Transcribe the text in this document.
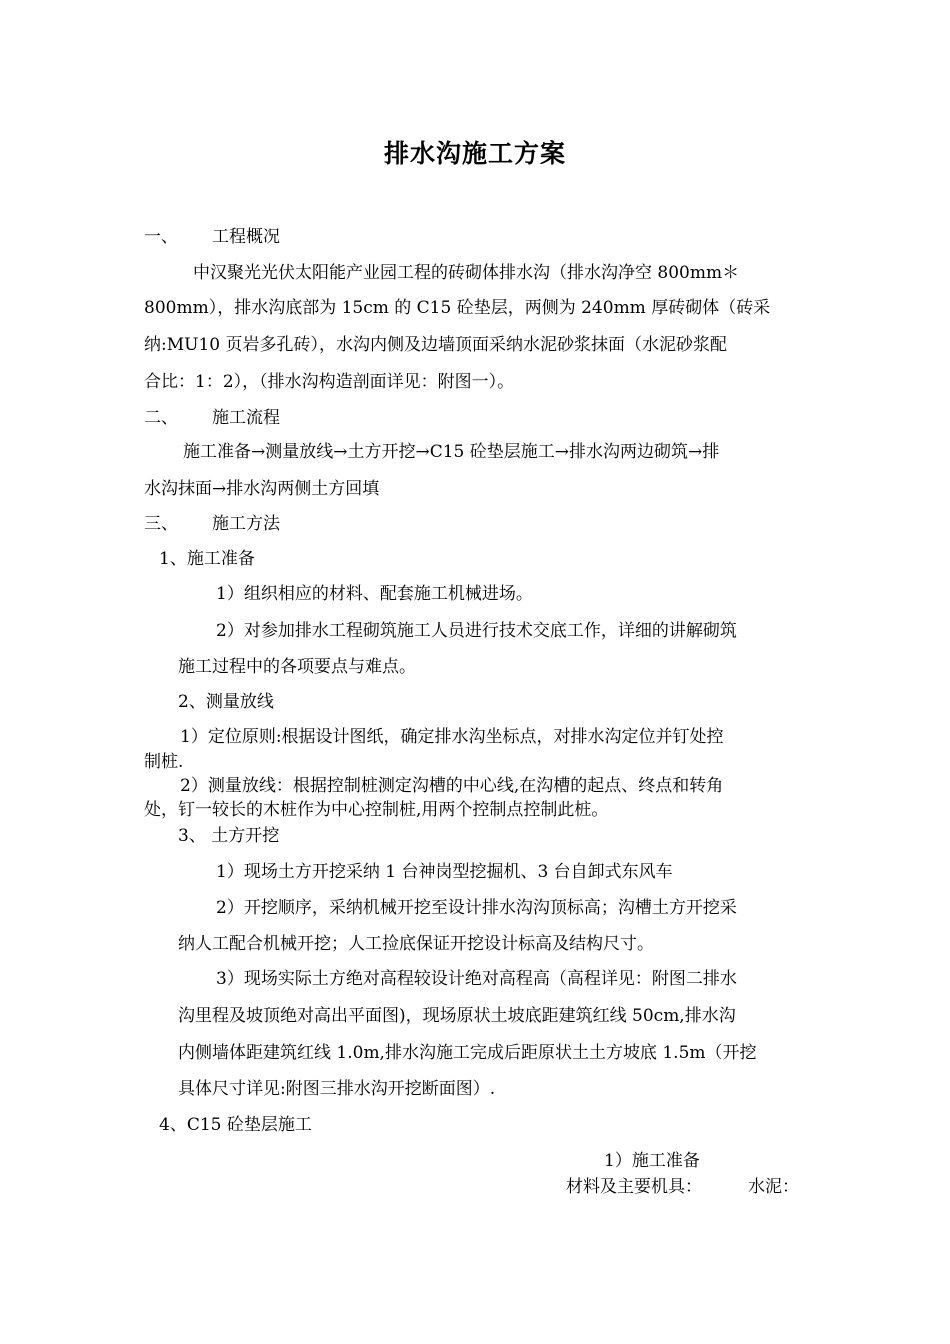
排水沟施工方案
一、 工程概况
中汉聚光光伏太阳能产业园工程的砖砌体排水沟（排水沟净空 800mm＊
800mm），排水沟底部为 15cm 的 C15 砼垫层，两侧为 240mm 厚砖砌体（砖采
纳:MU10 页岩多孔砖），水沟内侧及边墙顶面采纳水泥砂浆抹面（水泥砂浆配
合比：1：2），（排水沟构造剖面详见：附图一）。
二、 施工流程
施工准备→测量放线→土方开挖→C15 砼垫层施工→排水沟两边砌筑→排
水沟抹面→排水沟两侧土方回填
三、 施工方法
1、施工准备
1）组织相应的材料、配套施工机械进场。
2）对参加排水工程砌筑施工人员进行技术交底工作，详细的讲解砌筑
施工过程中的各项要点与难点。
2、测量放线
1）定位原则:根据设计图纸，确定排水沟坐标点，对排水沟定位并钉处控
制桩.
2）测量放线：根据控制桩测定沟槽的中心线,在沟槽的起点、终点和转角
处，钉一较长的木桩作为中心控制桩,用两个控制点控制此桩。
3、 土方开挖
1）现场土方开挖采纳 1 台神岗型挖掘机、3 台自卸式东风车
2）开挖顺序，采纳机械开挖至设计排水沟沟顶标高；沟槽土方开挖采
纳人工配合机械开挖；人工捡底保证开挖设计标高及结构尺寸。
3）现场实际土方绝对高程较设计绝对高程高（高程详见：附图二排水
沟里程及坡顶绝对高出平面图)，现场原状土坡底距建筑红线 50cm,排水沟
内侧墙体距建筑红线 1.0m,排水沟施工完成后距原状土土方坡底 1.5m（开挖
具体尺寸详见:附图三排水沟开挖断面图）.
4、C15 砼垫层施工
1）施工准备
材料及主要机具：	水泥：
